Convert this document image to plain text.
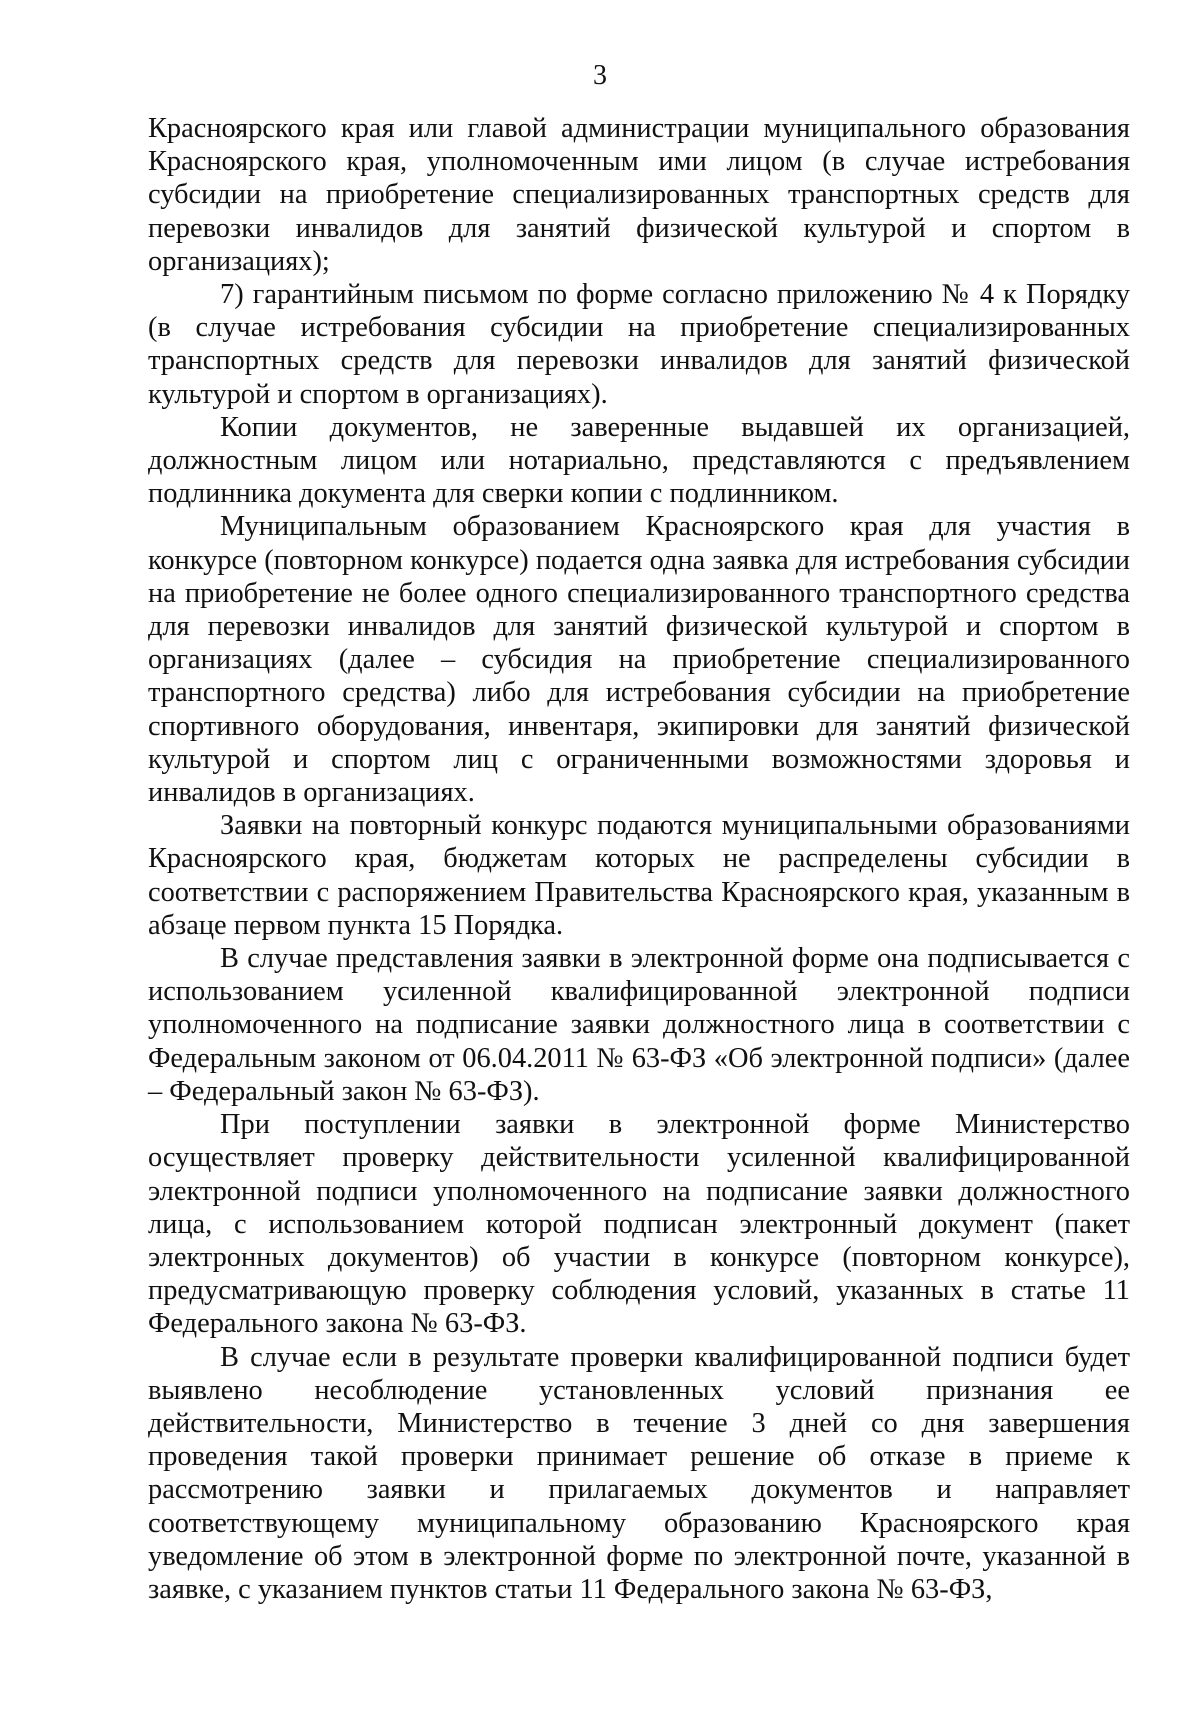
3

Красноярского края или главой администрации муниципального образования Красноярского края, уполномоченным ими лицом (в случае истребования субсидии на приобретение специализированных транспортных средств для перевозки инвалидов для занятий физической культурой и спортом в организациях);

7) гарантийным письмом по форме согласно приложению № 4 к Порядку (в случае истребования субсидии на приобретение специализированных транспортных средств для перевозки инвалидов для занятий физической культурой и спортом в организациях).

Копии документов, не заверенные выдавшей их организацией, должностным лицом или нотариально, представляются с предъявлением подлинника документа для сверки копии с подлинником.

Муниципальным образованием Красноярского края для участия в конкурсе (повторном конкурсе) подается одна заявка для истребования субсидии на приобретение не более одного специализированного транспортного средства для перевозки инвалидов для занятий физической культурой и спортом в организациях (далее – субсидия на приобретение специализированного транспортного средства) либо для истребования субсидии на приобретение спортивного оборудования, инвентаря, экипировки для занятий физической культурой и спортом лиц с ограниченными возможностями здоровья и инвалидов в организациях.

Заявки на повторный конкурс подаются муниципальными образованиями Красноярского края, бюджетам которых не распределены субсидии в соответствии с распоряжением Правительства Красноярского края, указанным в абзаце первом пункта 15 Порядка.

В случае представления заявки в электронной форме она подписывается с использованием усиленной квалифицированной электронной подписи уполномоченного на подписание заявки должностного лица в соответствии с Федеральным законом от 06.04.2011 № 63-ФЗ «Об электронной подписи» (далее – Федеральный закон № 63-ФЗ).

При поступлении заявки в электронной форме Министерство осуществляет проверку действительности усиленной квалифицированной электронной подписи уполномоченного на подписание заявки должностного лица, с использованием которой подписан электронный документ (пакет электронных документов) об участии в конкурсе (повторном конкурсе), предусматривающую проверку соблюдения условий, указанных в статье 11 Федерального закона № 63-ФЗ.

В случае если в результате проверки квалифицированной подписи будет выявлено несоблюдение установленных условий признания ее действительности, Министерство в течение 3 дней со дня завершения проведения такой проверки принимает решение об отказе в приеме к рассмотрению заявки и прилагаемых документов и направляет соответствующему муниципальному образованию Красноярского края уведомление об этом в электронной форме по электронной почте, указанной в заявке, с указанием пунктов статьи 11 Федерального закона № 63-ФЗ,
